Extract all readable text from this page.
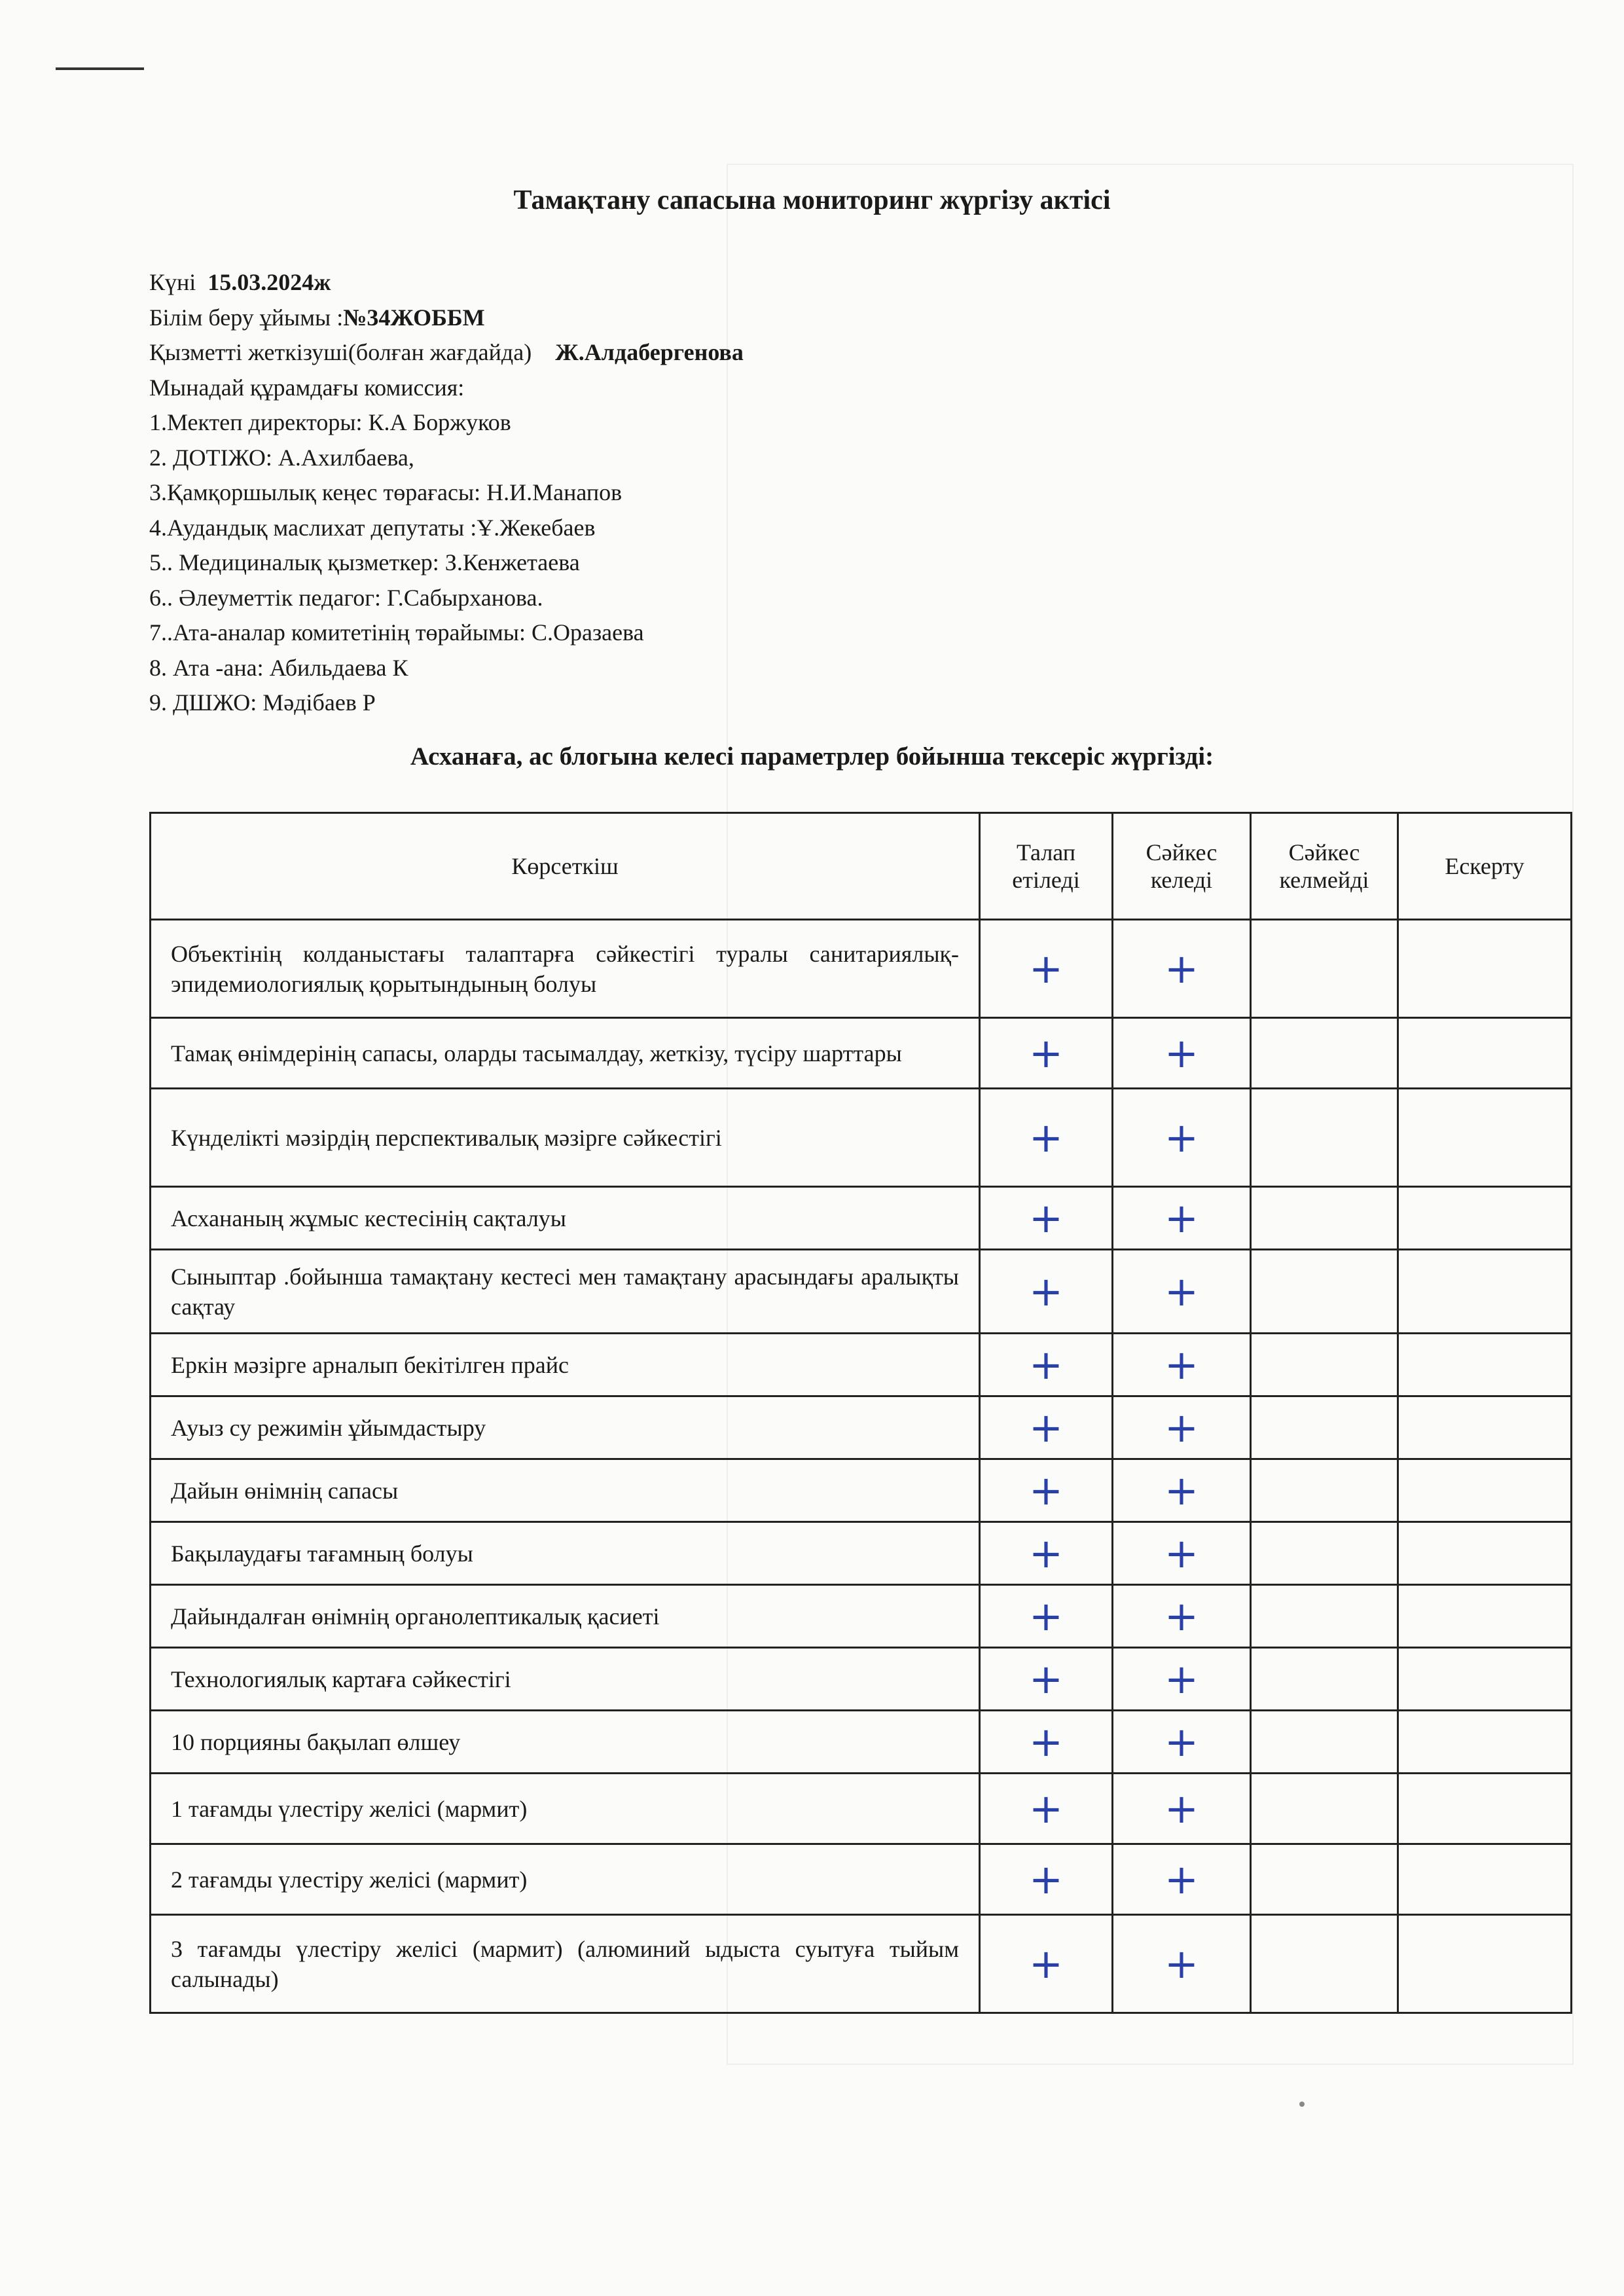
Тамақтану сапасына мониторинг жүргізу актісі
Күні 15.03.2024ж
Білім беру ұйымы :№34ЖОББМ
Қызметті жеткізуші(болған жағдайда) Ж.Алдабергенова
Мынадай құрамдағы комиссия:
1.Мектеп директоры: К.А Боржуков
2. ДОТІЖО: А.Ахилбаева,
3.Қамқоршылық кеңес төрағасы: Н.И.Манапов
4.Аудандық маслихат депутаты :Ұ.Жекебаев
5.. Медициналық қызметкер: З.Кенжетаева
6.. Әлеуметтік педагог: Г.Сабырханова.
7..Ата-аналар комитетінің төрайымы: С.Оразаева
8. Ата -ана: Абильдаева К
9. ДШЖО: Мәдібаев Р
Асханаға, ас блогына келесі параметрлер бойынша тексеріс жүргізді:
Көрсеткіш	Талап етіледі	Сәйкес келеді	Сәйкес келмейді	Ескерту
Объектінің колданыстағы талаптарға сәйкестігі туралы санитариялық-эпидемиологиялық қорытындының болуы	+	+		
Тамақ өнімдерінің сапасы, оларды тасымалдау, жеткізу, түсіру шарттары	+	+		
Күнделікті мәзірдің перспективалық мәзірге сәйкестігі	+	+		
Асхананың жұмыс кестесінің сақталуы	+	+		
Сыныптар .бойынша тамақтану кестесі мен тамақтану арасындағы аралықты сақтау	+	+		
Еркін мәзірге арналып бекітілген прайс	+	+		
Ауыз су режимін ұйымдастыру	+	+		
Дайын өнімнің сапасы	+	+		
Бақылаудағы тағамның болуы	+	+		
Дайындалған өнімнің органолептикалық қасиеті	+	+		
Технологиялық картаға сәйкестігі	+	+		
10 порцияны бақылап өлшеу	+	+		
1 тағамды үлестіру желісі (мармит)	+	+		
2 тағамды үлестіру желісі (мармит)	+	+		
3 тағамды үлестіру желісі (мармит) (алюминий ыдыста суытуға тыйым салынады)	+	+		
